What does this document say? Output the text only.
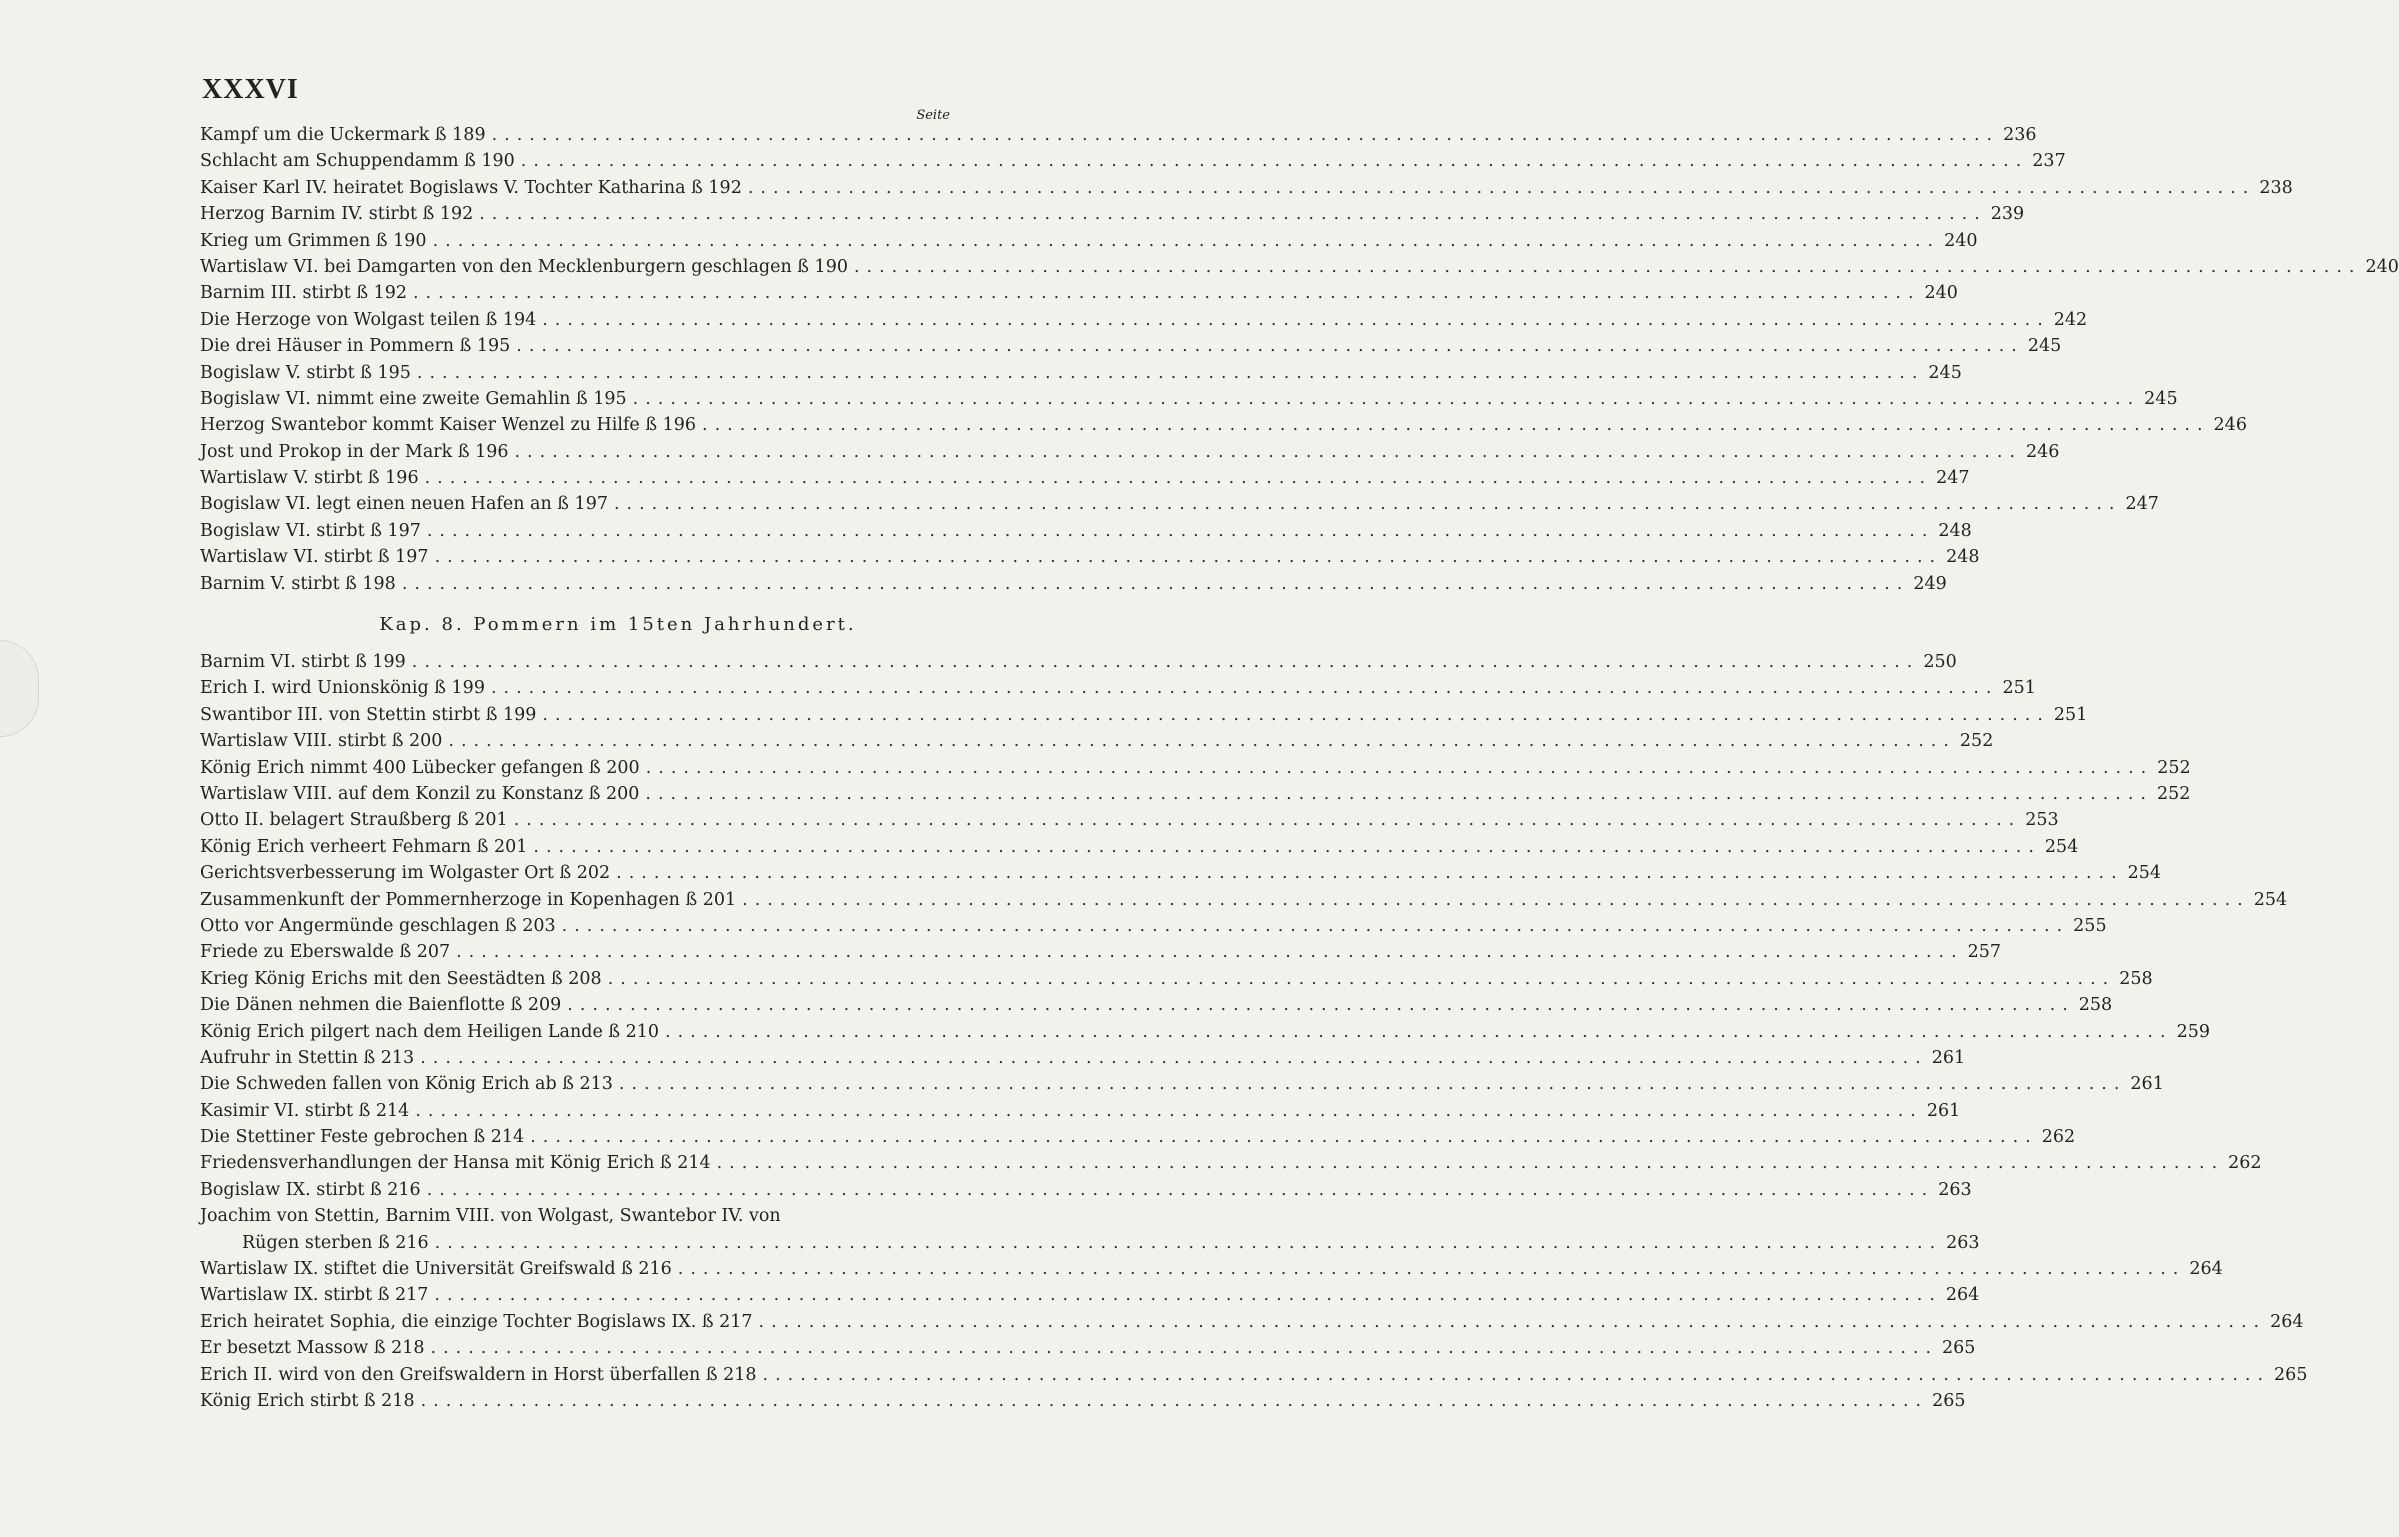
XXXVI
Seite
Kampf um die Uckermark ß 189 ........................................................................................................................ 236
Schlacht am Schuppendamm ß 190 ........................................................................................................................ 237
Kaiser Karl IV. heiratet Bogislaws V. Tochter Katharina ß 192 ........................................................................................................................ 238
Herzog Barnim IV. stirbt ß 192 ........................................................................................................................ 239
Krieg um Grimmen ß 190 ........................................................................................................................ 240
Wartislaw VI. bei Damgarten von den Mecklenburgern geschlagen ß 190 ........................................................................................................................ 240
Barnim III. stirbt ß 192 ........................................................................................................................ 240
Die Herzoge von Wolgast teilen ß 194 ........................................................................................................................ 242
Die drei Häuser in Pommern ß 195 ........................................................................................................................ 245
Bogislaw V. stirbt ß 195 ........................................................................................................................ 245
Bogislaw VI. nimmt eine zweite Gemahlin ß 195 ........................................................................................................................ 245
Herzog Swantebor kommt Kaiser Wenzel zu Hilfe ß 196 ........................................................................................................................ 246
Jost und Prokop in der Mark ß 196 ........................................................................................................................ 246
Wartislaw V. stirbt ß 196 ........................................................................................................................ 247
Bogislaw VI. legt einen neuen Hafen an ß 197 ........................................................................................................................ 247
Bogislaw VI. stirbt ß 197 ........................................................................................................................ 248
Wartislaw VI. stirbt ß 197 ........................................................................................................................ 248
Barnim V. stirbt ß 198 ........................................................................................................................ 249
Kap. 8. Pommern im 15ten Jahrhundert.
Barnim VI. stirbt ß 199 ........................................................................................................................ 250
Erich I. wird Unionskönig ß 199 ........................................................................................................................ 251
Swantibor III. von Stettin stirbt ß 199 ........................................................................................................................ 251
Wartislaw VIII. stirbt ß 200 ........................................................................................................................ 252
König Erich nimmt 400 Lübecker gefangen ß 200 ........................................................................................................................ 252
Wartislaw VIII. auf dem Konzil zu Konstanz ß 200 ........................................................................................................................ 252
Otto II. belagert Straußberg ß 201 ........................................................................................................................ 253
König Erich verheert Fehmarn ß 201 ........................................................................................................................ 254
Gerichtsverbesserung im Wolgaster Ort ß 202 ........................................................................................................................ 254
Zusammenkunft der Pommernherzoge in Kopenhagen ß 201 ........................................................................................................................ 254
Otto vor Angermünde geschlagen ß 203 ........................................................................................................................ 255
Friede zu Eberswalde ß 207 ........................................................................................................................ 257
Krieg König Erichs mit den Seestädten ß 208 ........................................................................................................................ 258
Die Dänen nehmen die Baienflotte ß 209 ........................................................................................................................ 258
König Erich pilgert nach dem Heiligen Lande ß 210 ........................................................................................................................ 259
Aufruhr in Stettin ß 213 ........................................................................................................................ 261
Die Schweden fallen von König Erich ab ß 213 ........................................................................................................................ 261
Kasimir VI. stirbt ß 214 ........................................................................................................................ 261
Die Stettiner Feste gebrochen ß 214 ........................................................................................................................ 262
Friedensverhandlungen der Hansa mit König Erich ß 214 ........................................................................................................................ 262
Bogislaw IX. stirbt ß 216 ........................................................................................................................ 263
Joachim von Stettin, Barnim VIII. von Wolgast, Swantebor IV. von
Rügen sterben ß 216 ........................................................................................................................ 263
Wartislaw IX. stiftet die Universität Greifswald ß 216 ........................................................................................................................ 264
Wartislaw IX. stirbt ß 217 ........................................................................................................................ 264
Erich heiratet Sophia, die einzige Tochter Bogislaws IX. ß 217 ........................................................................................................................ 264
Er besetzt Massow ß 218 ........................................................................................................................ 265
Erich II. wird von den Greifswaldern in Horst überfallen ß 218 ........................................................................................................................ 265
König Erich stirbt ß 218 ........................................................................................................................ 265
